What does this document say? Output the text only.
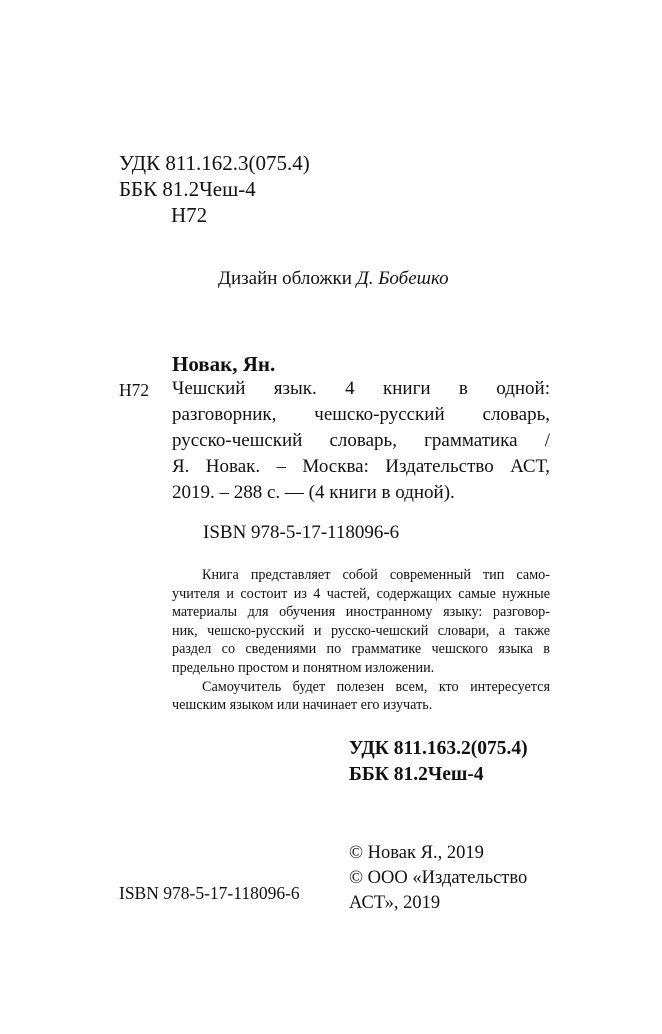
УДК 811.162.3(075.4)
ББК 81.2Чеш-4
Н72
Дизайн обложки Д. Бобешко
Новак, Ян.
Н72 Чешский язык. 4 книги в одной:
разговорник, чешско-русский словарь,
русско-чешский словарь, грамматика /
Я. Новак. – Москва: Издательство АСТ,
2019. – 288 с. — (4 книги в одной).
ISBN 978-5-17-118096-6
Книга представляет собой современный тип само-
учителя и состоит из 4 частей, содержащих самые нужные
материалы для обучения иностранному языку: разговор-
ник, чешско-русский и русско-чешский словари, а также
раздел со сведениями по грамматике чешского языка в
предельно простом и понятном изложении.
Самоучитель будет полезен всем, кто интересуется
чешским языком или начинает его изучать.
УДК 811.163.2(075.4)
ББК 81.2Чеш-4
© Новак Я., 2019
© ООО «Издательство
АСТ», 2019
ISBN 978-5-17-118096-6
